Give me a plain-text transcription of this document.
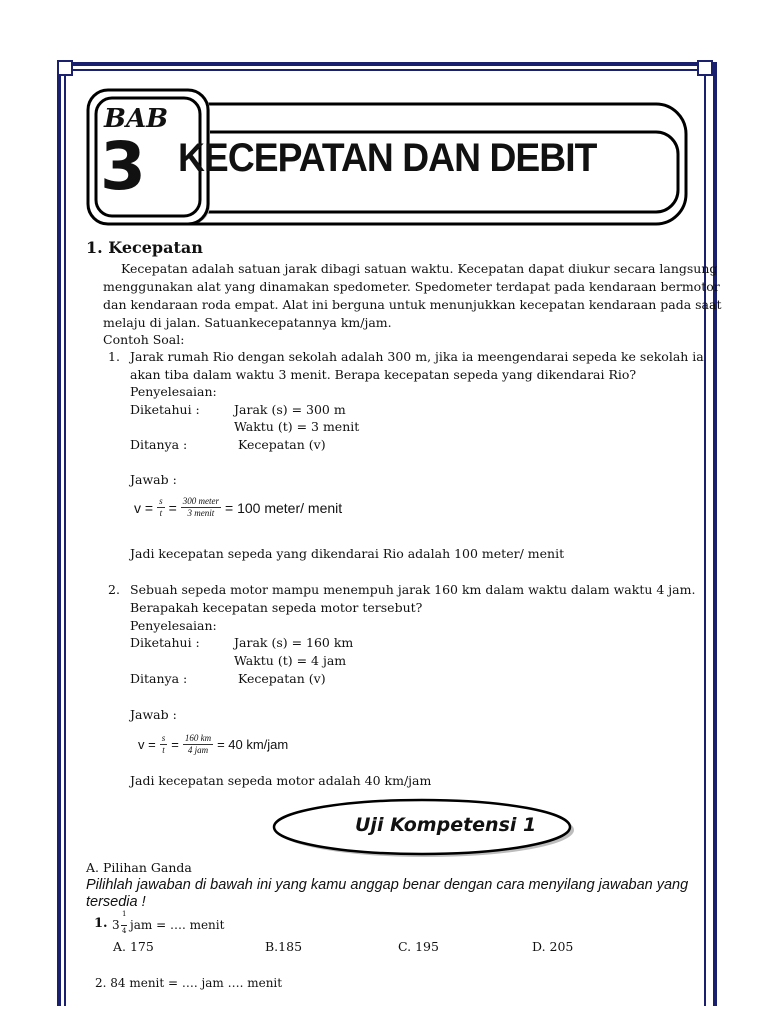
BAB
3 KECEPATAN DAN DEBIT
1. Kecepatan
Kecepatan adalah satuan jarak dibagi satuan waktu. Kecepatan dapat diukur secara langsung
menggunakan alat yang dinamakan spedometer. Spedometer terdapat pada kendaraan bermotor
dan kendaraan roda empat. Alat ini berguna untuk menunjukkan kecepatan kendaraan pada saat
melaju di jalan. Satuankecepatannya km/jam.
Contoh Soal:
1. Jarak rumah Rio dengan sekolah adalah 300 m, jika ia meengendarai sepeda ke sekolah ia
akan tiba dalam waktu 3 menit. Berapa kecepatan sepeda yang dikendarai Rio?
Penyelesaian:
Diketahui :	Jarak (s) = 300 m
Waktu (t) = 3 menit
Ditanya :	Kecepatan (v)
Jawab :
$v = \frac{s}{t} = \frac{\text{300 meter}}{\text{3 menit}} = 100$ meter/ menit
Jadi kecepatan sepeda yang dikendarai Rio adalah 100 meter/ menit
2. Sebuah sepeda motor mampu menempuh jarak 160 km dalam waktu dalam waktu 4 jam.
Berapakah kecepatan sepeda motor tersebut?
Penyelesaian:
Diketahui :	Jarak (s) = 160 km
Waktu (t) = 4 jam
Ditanya :	Kecepatan (v)
Jawab :
$v = \frac{s}{t} = \frac{160 km}{\text{4 jam}} = 40$ km/jam
Jadi kecepatan sepeda motor adalah 40 km/jam
Uji Kompetensi 1
A. Pilihan Ganda
Pilihlah jawaban di bawah ini yang kamu anggap benar dengan cara menyilang jawaban yang
tersedia !
1. 3
1
4 jam = …. menit
A. 175	B.185	C. 195	D. 205
2. 84 menit = …. jam …. menit
